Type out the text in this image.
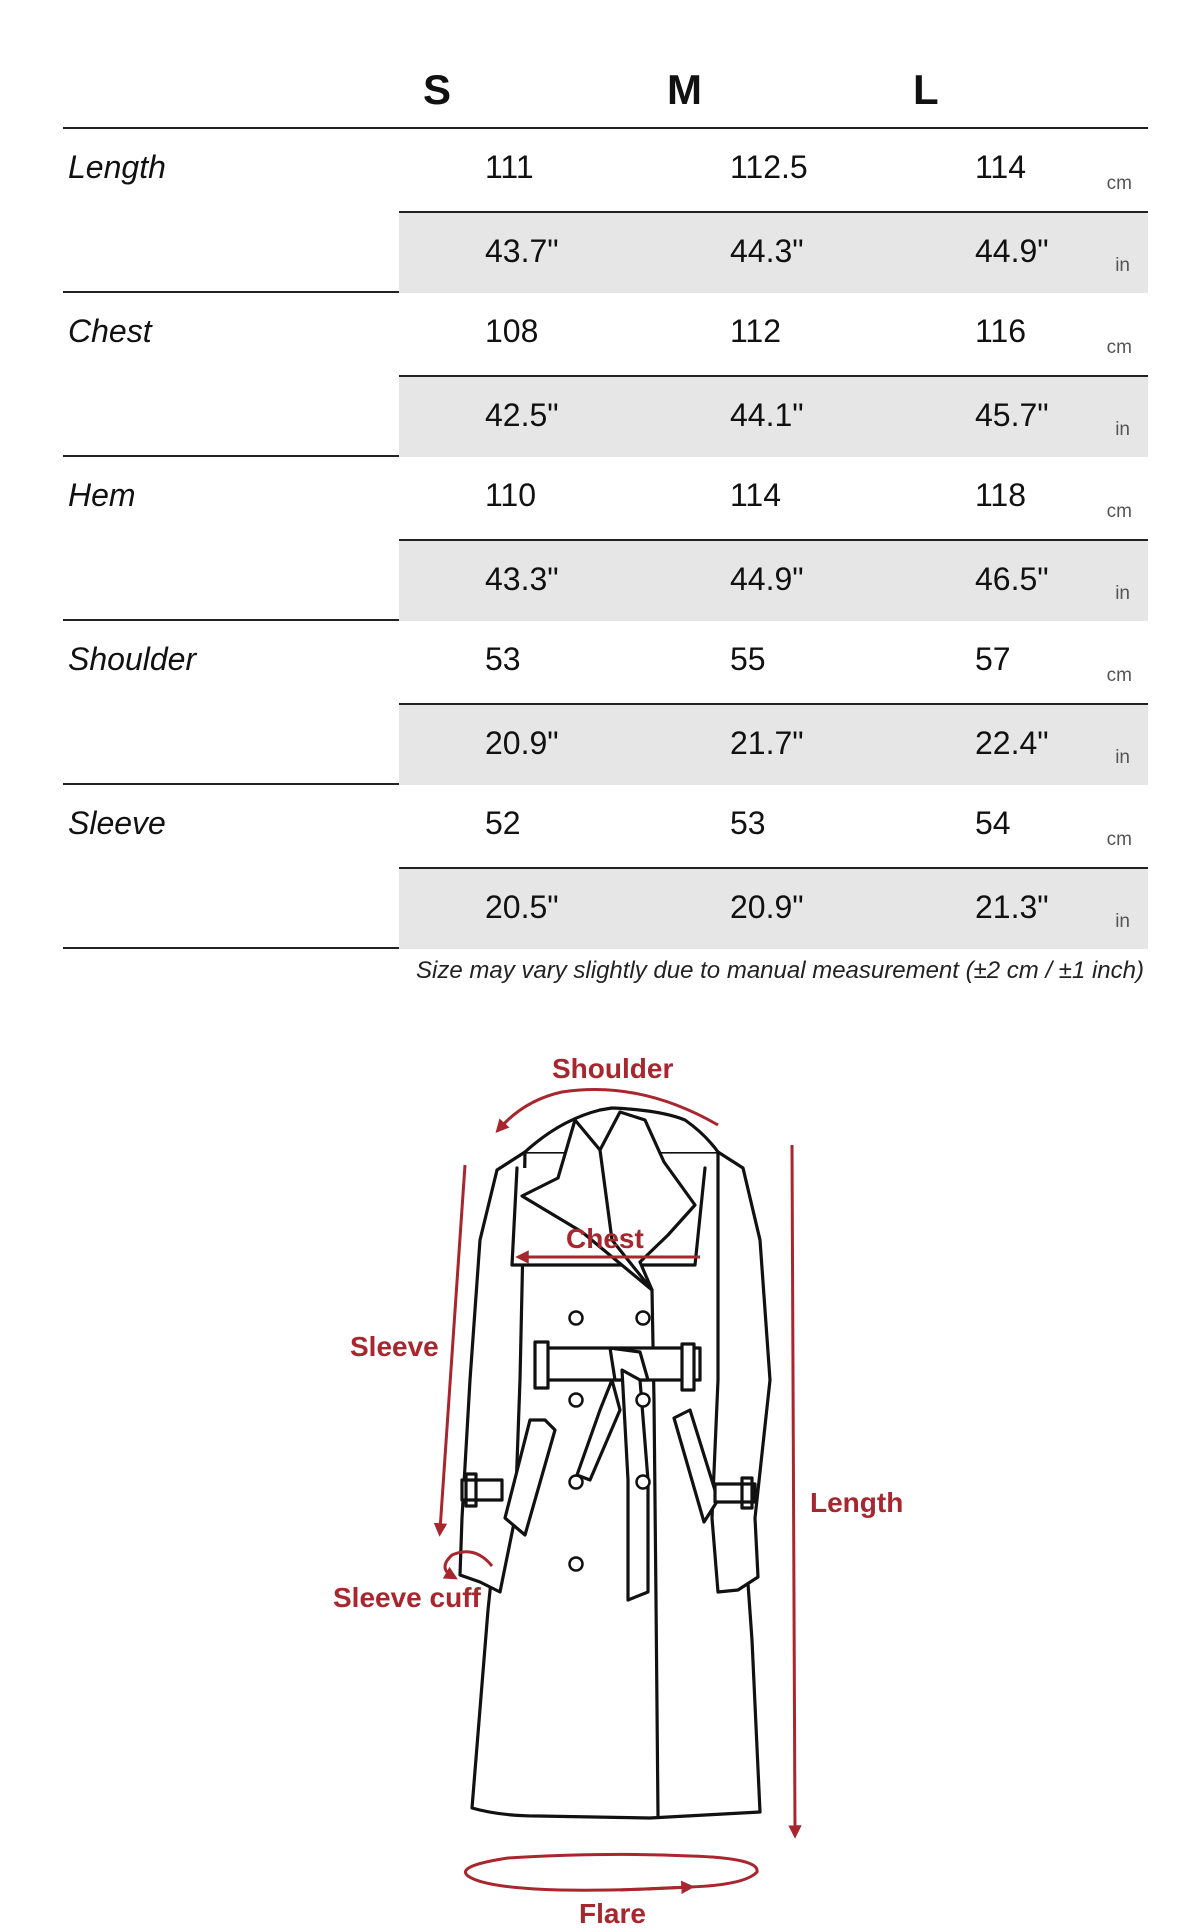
S	M	L
Length	111	112.5	114	cm
43.7"	44.3"	44.9"	in
Chest	108	112	116	cm
42.5"	44.1"	45.7"	in
Hem	110	114	118	cm
43.3"	44.9"	46.5"	in
Shoulder	53	55	57	cm
20.9"	21.7"	22.4"	in
Sleeve	52	53	54	cm
20.5"	20.9"	21.3"	in
Size may vary slightly due to manual measurement (±2 cm / ±1 inch)
Shoulder
Chest
Sleeve
Sleeve cuff
Length
Flare
